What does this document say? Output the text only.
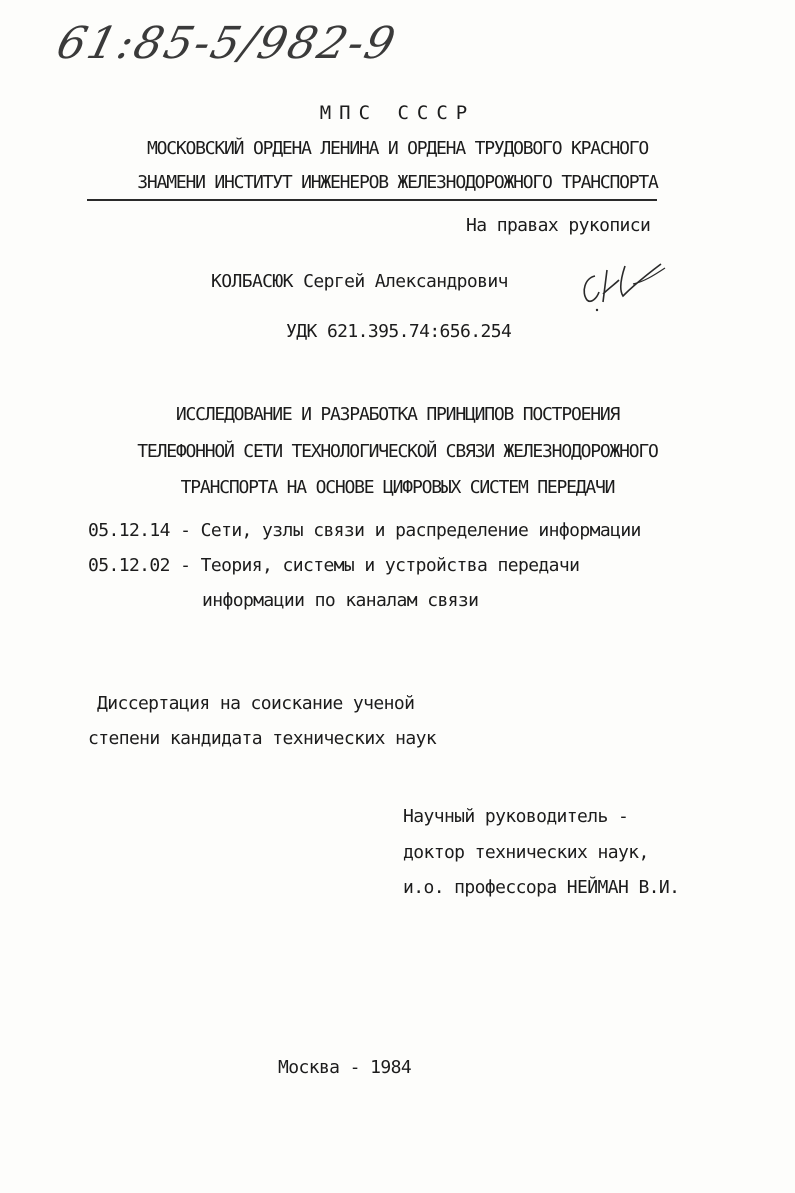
61:85-5/982-9
МПС СССР
МОСКОВСКИЙ ОРДЕНА ЛЕНИНА И ОРДЕНА ТРУДОВОГО КРАСНОГО
ЗНАМЕНИ ИНСТИТУТ ИНЖЕНЕРОВ ЖЕЛЕЗНОДОРОЖНОГО ТРАНСПОРТА
На правах рукописи
КОЛБАСЮК Сергей Александрович
УДК 621.395.74:656.254
ИССЛЕДОВАНИЕ И РАЗРАБОТКА ПРИНЦИПОВ ПОСТРОЕНИЯ
ТЕЛЕФОННОЙ СЕТИ ТЕХНОЛОГИЧЕСКОЙ СВЯЗИ ЖЕЛЕЗНОДОРОЖНОГО
ТРАНСПОРТА НА ОСНОВЕ ЦИФРОВЫХ СИСТЕМ ПЕРЕДАЧИ
05.12.14 - Сети, узлы связи и распределение информации
05.12.02 - Теория, системы и устройства передачи
информации по каналам связи
Диссертация на соискание ученой
степени кандидата технических наук
Научный руководитель -
доктор технических наук,
и.о. профессора НЕЙМАН В.И.
Москва - 1984
